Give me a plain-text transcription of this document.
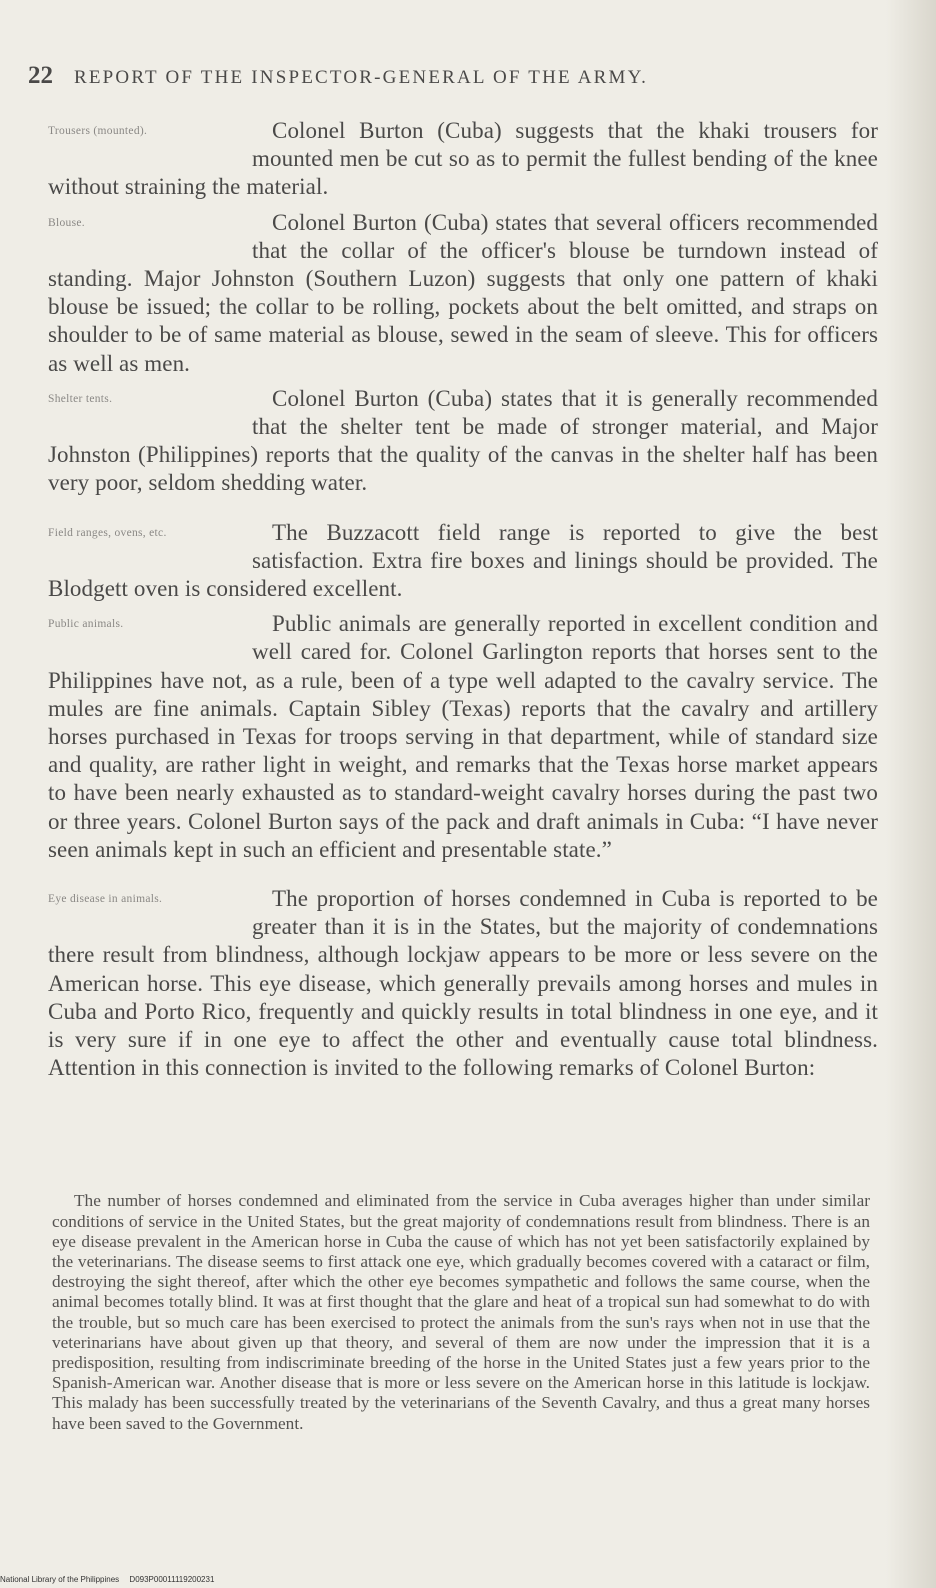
22 REPORT OF THE INSPECTOR-GENERAL OF THE ARMY.

Trousers (mounted).	Colonel Burton (Cuba) suggests that the khaki trousers for mounted men be cut so as to permit the fullest bending of the knee without straining the material.

Blouse.	Colonel Burton (Cuba) states that several officers recommended that the collar of the officer's blouse be turndown instead of standing. Major Johnston (Southern Luzon) suggests that only one pattern of khaki blouse be issued; the collar to be rolling, pockets about the belt omitted, and straps on shoulder to be of same material as blouse, sewed in the seam of sleeve. This for officers as well as men.

Shelter tents.	Colonel Burton (Cuba) states that it is generally recommended that the shelter tent be made of stronger material, and Major Johnston (Philippines) reports that the quality of the canvas in the shelter half has been very poor, seldom shedding water.

Field ranges, ovens, etc.	The Buzzacott field range is reported to give the best satisfaction. Extra fire boxes and linings should be provided. The Blodgett oven is considered excellent.

Public animals.	Public animals are generally reported in excellent condition and well cared for. Colonel Garlington reports that horses sent to the Philippines have not, as a rule, been of a type well adapted to the cavalry service. The mules are fine animals. Captain Sibley (Texas) reports that the cavalry and artillery horses purchased in Texas for troops serving in that department, while of standard size and quality, are rather light in weight, and remarks that the Texas horse market appears to have been nearly exhausted as to standard-weight cavalry horses during the past two or three years. Colonel Burton says of the pack and draft animals in Cuba: “I have never seen animals kept in such an efficient and presentable state.”

Eye disease in animals.	The proportion of horses condemned in Cuba is reported to be greater than it is in the States, but the majority of condemnations there result from blindness, although lockjaw appears to be more or less severe on the American horse. This eye disease, which generally prevails among horses and mules in Cuba and Porto Rico, frequently and quickly results in total blindness in one eye, and it is very sure if in one eye to affect the other and eventually cause total blindness. Attention in this connection is invited to the following remarks of Colonel Burton:

The number of horses condemned and eliminated from the service in Cuba averages higher than under similar conditions of service in the United States, but the great majority of condemnations result from blindness. There is an eye disease prevalent in the American horse in Cuba the cause of which has not yet been satisfactorily explained by the veterinarians. The disease seems to first attack one eye, which gradually becomes covered with a cataract or film, destroying the sight thereof, after which the other eye becomes sympathetic and follows the same course, when the animal becomes totally blind. It was at first thought that the glare and heat of a tropical sun had somewhat to do with the trouble, but so much care has been exercised to protect the animals from the sun's rays when not in use that the veterinarians have about given up that theory, and several of them are now under the impression that it is a predisposition, resulting from indiscriminate breeding of the horse in the United States just a few years prior to the Spanish-American war. Another disease that is more or less severe on the American horse in this latitude is lockjaw. This malady has been successfully treated by the veterinarians of the Seventh Cavalry, and thus a great many horses have been saved to the Government.

National Library of the Philippines D093P00011119200231
